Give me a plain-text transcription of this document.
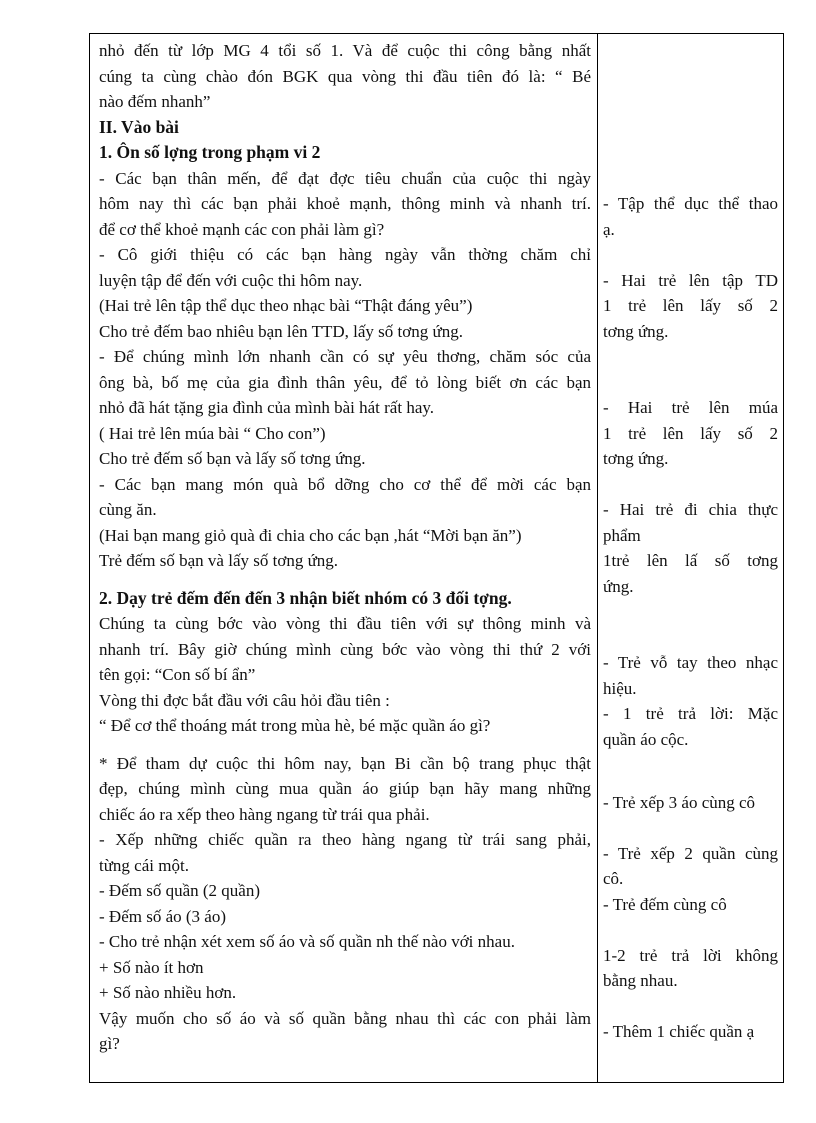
nhỏ đến từ lớp MG 4 tổi số 1. Và để cuộc thi công bằng nhất
cúng ta cùng chào đón BGK qua vòng thi đầu tiên đó là: “ Bé
nào đếm nhanh”
II. Vào bài
1. Ôn số lợng trong phạm vi 2
- Các bạn thân mến, để đạt đợc tiêu chuẩn của cuộc thi ngày
hôm nay thì các bạn phải khoẻ mạnh, thông minh và nhanh trí.
để cơ thể khoẻ mạnh các con phải làm gì?
- Cô giới thiệu có các bạn hàng ngày vẫn thờng chăm chỉ
luyện tập để đến với cuộc thi hôm nay.
(Hai trẻ lên tập thể dục theo nhạc bài “Thật đáng yêu”)
Cho trẻ đếm bao nhiêu bạn lên TTD, lấy số tơng ứng.
- Để chúng mình lớn nhanh cần có sự yêu thơng, chăm sóc của
ông bà, bố mẹ của gia đình thân yêu, để tỏ lòng biết ơn các bạn
nhỏ đã hát tặng gia đình của mình bài hát rất hay.
( Hai trẻ lên múa bài “ Cho con”)
Cho trẻ đếm số bạn và lấy số tơng ứng.
- Các bạn mang món quà bổ dỡng cho cơ thể để mời các bạn
cùng ăn.
(Hai bạn mang giỏ quà đi chia cho các bạn ,hát “Mời bạn ăn”)
Trẻ đếm số bạn và lấy số tơng ứng.
2. Dạy trẻ đếm đến đến 3 nhận biết nhóm có 3 đối tợng.
Chúng ta cùng bớc vào vòng thi đầu tiên với sự thông minh và
nhanh trí. Bây giờ chúng mình cùng bớc vào vòng thi thứ 2 với
tên gọi: “Con số bí ẩn”
Vòng thi đợc bắt đầu với câu hỏi đầu tiên :
“ Để cơ thể thoáng mát trong mùa hè, bé mặc quần áo gì?
* Để tham dự cuộc thi hôm nay, bạn Bi cần bộ trang phục thật
đẹp, chúng mình cùng mua quần áo giúp bạn hãy mang những
chiếc áo ra xếp theo hàng ngang từ trái qua phải.
- Xếp những chiếc quần ra theo hàng ngang từ trái sang phải,
từng cái một.
- Đếm số quần (2 quần)
- Đếm số áo (3 áo)
- Cho trẻ nhận xét xem số áo và số quần nh thế nào với nhau.
+ Số nào ít hơn
+ Số nào nhiều hơn.
Vậy muốn cho số áo và số quần bằng nhau thì các con phải làm
gì?
- Tập thể dục thể thao
ạ.
- Hai trẻ lên tập TD
1 trẻ lên lấy số 2
tơng ứng.
- Hai trẻ lên múa
1 trẻ lên lấy số 2
tơng ứng.
- Hai trẻ đi chia thực
phẩm
1trẻ lên lấ số tơng
ứng.
- Trẻ vỗ tay theo nhạc
hiệu.
- 1 trẻ trả lời: Mặc
quần áo cộc.
- Trẻ xếp 3 áo cùng cô
- Trẻ xếp 2 quần cùng
cô.
- Trẻ đếm cùng cô
1-2 trẻ trả lời không
bằng nhau.
- Thêm 1 chiếc quần ạ
